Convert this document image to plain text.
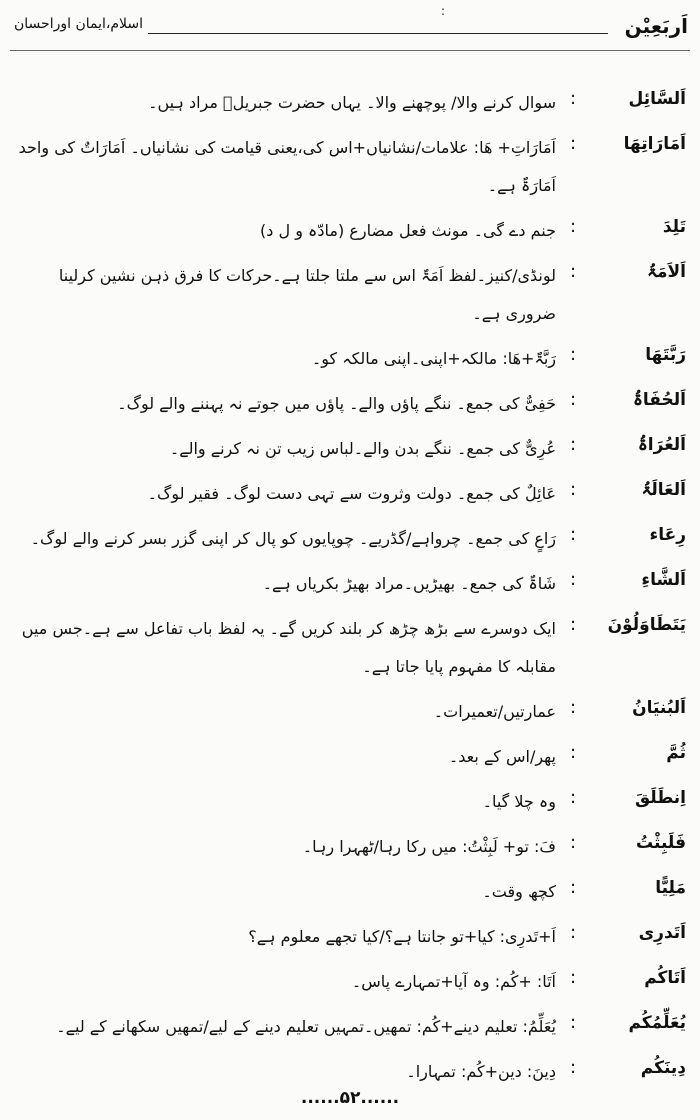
اَربَعِیْن
:
اسلام،ایمان اوراحسان
اَلسَّائِل
:
سوال کرنے والا/ پوچھنے والا۔ یہاں حضرت جبریلؑ مراد ہیں۔
اَمَارَاتِهَا
:
اَمَارَاتِ+ هَا: علامات/نشانیاں+اس کی،یعنی قیامت کی نشانیاں۔ اَمَارَاتٌ کی واحد اَمَارَۃٌ ہے۔
تَلِدَ
:
جنم دے گی۔ مونث فعل مضارع (مادّہ و ل د)
اَلاَمَۃُ
:
لونڈی/کنیز۔لفظ اَمَۃٌ اس سے ملتا جلتا ہے۔حرکات کا فرق ذہن نشین کرلینا ضروری ہے۔
رَبَّتَهَا
:
رَبَّۃٌ+هَا: مالکہ+اپنی۔اپنی مالکہ کو۔
اَلحُفَاۃُ
:
حَفِیٌّ کی جمع۔ ننگے پاؤں والے۔ پاؤں میں جوتے نہ پہننے والے لوگ۔
اَلعُرَاۃُ
:
عُرِیٌّ کی جمع۔ ننگے بدن والے۔لباس زیب تن نہ کرنے والے۔
اَلعَالَۃُ
:
عَائِلٌ کی جمع۔ دولت وثروت سے تہی دست لوگ۔ فقیر لوگ۔
رِعَاء
:
رَاعٍ کی جمع۔ چرواہے/گڈریے۔ چوپایوں کو پال کر اپنی گزر بسر کرنے والے لوگ۔
اَلشَّاءِ
:
شَاۃٌ کی جمع۔ بھیڑیں۔مراد بھیڑ بکریاں ہے۔
یَتَطَاوَلُوْنَ
:
ایک دوسرے سے بڑھ چڑھ کر بلند کریں گے۔ یہ لفظ باب تفاعل سے ہے۔جس میں مقابلہ کا مفہوم پایا جاتا ہے۔
اَلبُنیَانُ
:
عمارتیں/تعمیرات۔
ثُمَّ
:
پھر/اس کے بعد۔
اِنطَلَقَ
:
وہ چلا گیا۔
فَلَبِثْتُ
:
فَ: تو+ لَبِثْتُ: میں رکا رہا/ٹھہرا رہا۔
مَلِیًّا
:
کچھ وقت۔
اَتَدرِی
:
اَ+تَدرِی: کیا+تو جانتا ہے؟/کیا تجھے معلوم ہے؟
اَتَاکُم
:
اَتَا: +کُم: وہ آیا+تمہارے پاس۔
یُعَلِّمُکُم
:
یُعَلِّمُ: تعلیم دینے+کُم: تمھیں۔تمہیں تعلیم دینے کے لیے/تمھیں سکھانے کے لیے۔
دِینَکُم
:
دِینَ: دین+کُم: تمہارا۔
......۵۲......
